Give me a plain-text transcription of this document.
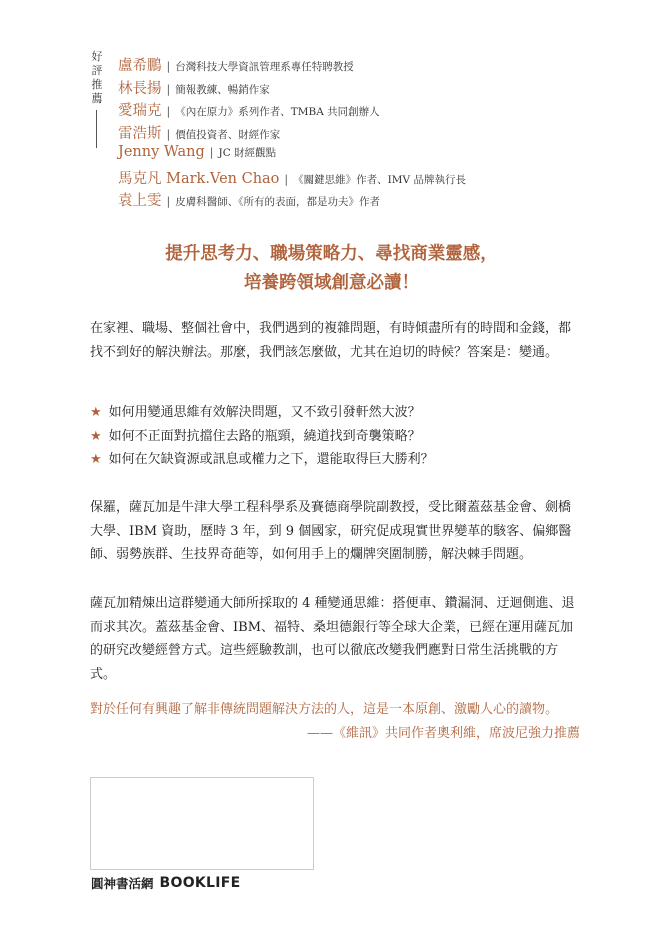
好
評
推
薦
盧希鵬 | 台灣科技大學資訊管理系專任特聘教授
林長揚 | 簡報教練、暢銷作家
愛瑞克 | 《內在原力》系列作者、TMBA 共同創辦人
雷浩斯 | 價值投資者、財經作家
Jenny Wang | JC 財經觀點
馬克凡 Mark.Ven Chao | 《關鍵思維》作者、IMV 品牌執行長
袁上雯 | 皮膚科醫師、《所有的表面，都是功夫》作者
提升思考力、職場策略力、尋找商業靈感，
培養跨領域創意必讀！
在家裡、職場、整個社會中，我們遇到的複雜問題，有時傾盡所有的時間和金錢，都找不到好的解決辦法。那麼，我們該怎麼做，尤其在迫切的時候？答案是：變通。
★ 如何用變通思維有效解決問題，又不致引發軒然大波？
★ 如何不正面對抗擋住去路的瓶頸，繞道找到奇襲策略？
★ 如何在欠缺資源或訊息或權力之下，還能取得巨大勝利？
保羅，薩瓦加是牛津大學工程科學系及賽德商學院副教授，受比爾蓋茲基金會、劍橋大學、IBM 資助，歷時 3 年，到 9 個國家，研究促成現實世界變革的駭客、偏鄉醫師、弱勢族群、生技界奇葩等，如何用手上的爛牌突圍制勝，解決棘手問題。
薩瓦加精煉出這群變通大師所採取的 4 種變通思維：搭便車、鑽漏洞、迂迴側進、退而求其次。蓋茲基金會、IBM、福特、桑坦德銀行等全球大企業，已經在運用薩瓦加的研究改變經營方式。這些經驗教訓，也可以徹底改變我們應對日常生活挑戰的方式。
對於任何有興趣了解非傳統問題解決方法的人，這是一本原創、激勵人心的讀物。
——《維訊》共同作者奧利維，席波尼強力推薦
圓神書活網 BOOKLIFE
